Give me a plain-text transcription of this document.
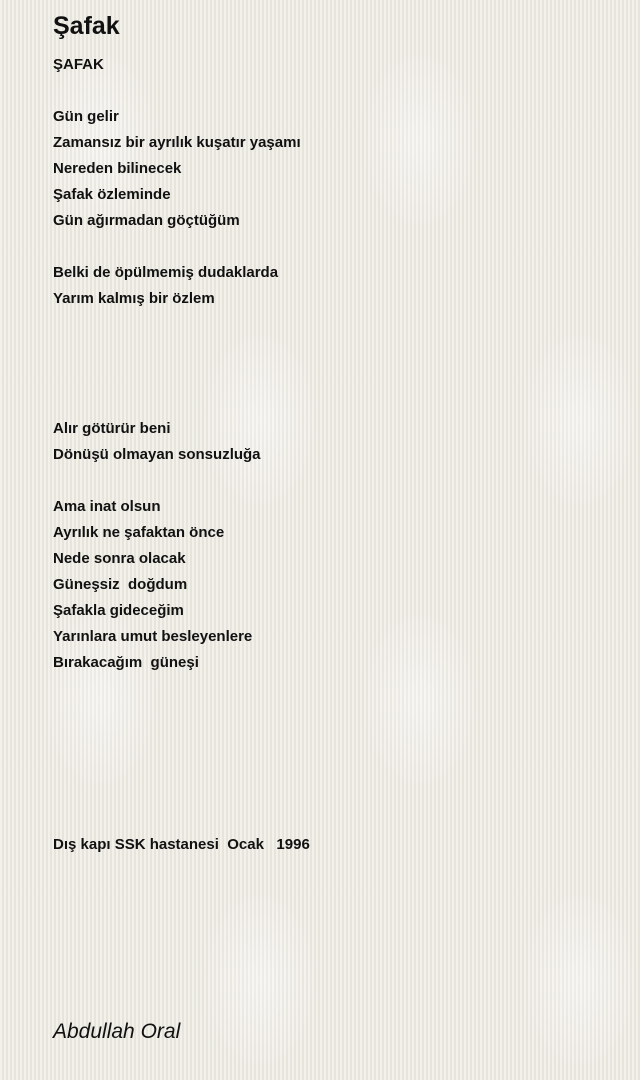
Şafak
ŞAFAK
Gün gelir
Zamansız bir ayrılık kuşatır yaşamı
Nereden bilinecek
Şafak özleminde
Gün ağırmadan göçtüğüm
Belki de öpülmemiş dudaklarda
Yarım kalmış bir özlem
Alır götürür beni
Dönüşü olmayan sonsuzluğa
Ama inat olsun
Ayrılık ne şafaktan önce
Nede sonra olacak
Güneşsiz  doğdum
Şafakla gideceğim
Yarınlara umut besleyenlere
Bırakacağım  güneşi
Dış kapı SSK hastanesi  Ocak   1996
Abdullah Oral
